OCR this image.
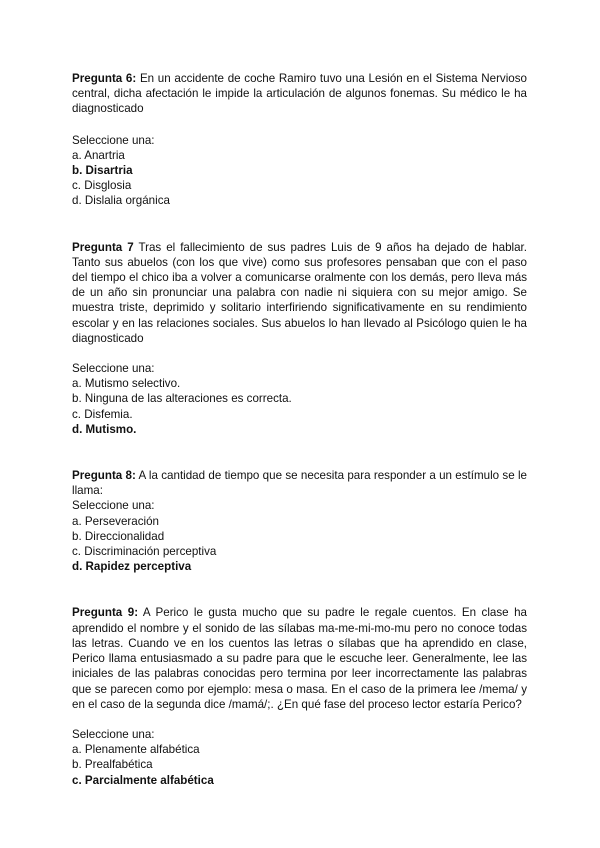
Pregunta 6: En un accidente de coche Ramiro tuvo una Lesión en el Sistema Nervioso central, dicha afectación le impide la articulación de algunos fonemas. Su médico le ha diagnosticado

Seleccione una:

a. Anartria
b. Disartria
c. Disglosia
d. Dislalia orgánica

Pregunta 7 Tras el fallecimiento de sus padres Luis de 9 años ha dejado de hablar. Tanto sus abuelos (con los que vive) como sus profesores pensaban que con el paso del tiempo el chico iba a volver a comunicarse oralmente con los demás, pero lleva más de un año sin pronunciar una palabra con nadie ni siquiera con su mejor amigo. Se muestra triste, deprimido y solitario interfiriendo significativamente en su rendimiento escolar y en las relaciones sociales. Sus abuelos lo han llevado al Psicólogo quien le ha diagnosticado

Seleccione una:

a. Mutismo selectivo.
b. Ninguna de las alteraciones es correcta.
c. Disfemia.
d. Mutismo.

Pregunta 8: A la cantidad de tiempo que se necesita para responder a un estímulo se le llama:

Seleccione una:

a. Perseveración
b. Direccionalidad
c. Discriminación perceptiva
d. Rapidez perceptiva

Pregunta 9: A Perico le gusta mucho que su padre le regale cuentos. En clase ha aprendido el nombre y el sonido de las sílabas ma-me-mi-mo-mu pero no conoce todas las letras. Cuando ve en los cuentos las letras o sílabas que ha aprendido en clase, Perico llama entusiasmado a su padre para que le escuche leer. Generalmente, lee las iniciales de las palabras conocidas pero termina por leer incorrectamente las palabras que se parecen como por ejemplo: mesa o masa. En el caso de la primera lee /mema/ y en el caso de la segunda dice /mamá/;. ¿En qué fase del proceso lector estaría Perico?

Seleccione una:

a. Plenamente alfabética
b. Prealfabética
c. Parcialmente alfabética
